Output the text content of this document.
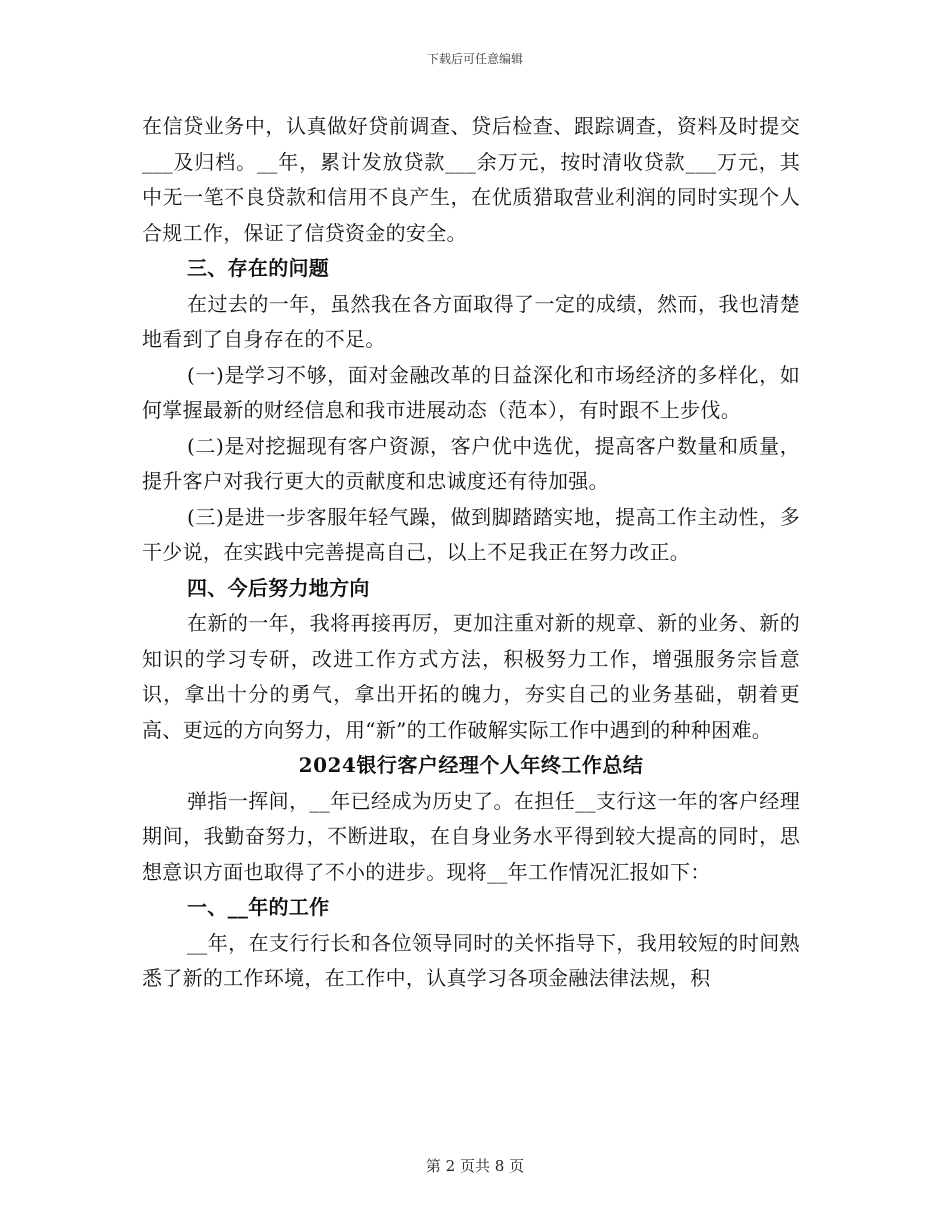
下载后可任意编辑

在信贷业务中，认真做好贷前调查、贷后检查、跟踪调查，资料及时提交___及归档。__年，累计发放贷款___余万元，按时清收贷款___万元，其中无一笔不良贷款和信用不良产生，在优质猎取营业利润的同时实现个人合规工作，保证了信贷资金的安全。

三、存在的问题

在过去的一年，虽然我在各方面取得了一定的成绩，然而，我也清楚地看到了自身存在的不足。

(一)是学习不够，面对金融改革的日益深化和市场经济的多样化，如何掌握最新的财经信息和我市进展动态（范本），有时跟不上步伐。

(二)是对挖掘现有客户资源，客户优中选优，提高客户数量和质量，提升客户对我行更大的贡献度和忠诚度还有待加强。

(三)是进一步客服年轻气躁，做到脚踏踏实地，提高工作主动性，多干少说，在实践中完善提高自己，以上不足我正在努力改正。

四、今后努力地方向

在新的一年，我将再接再厉，更加注重对新的规章、新的业务、新的知识的学习专研，改进工作方式方法，积极努力工作，增强服务宗旨意识，拿出十分的勇气，拿出开拓的魄力，夯实自己的业务基础，朝着更高、更远的方向努力，用“新”的工作破解实际工作中遇到的种种困难。

2024银行客户经理个人年终工作总结

弹指一挥间，__年已经成为历史了。在担任__支行这一年的客户经理期间，我勤奋努力，不断进取，在自身业务水平得到较大提高的同时，思想意识方面也取得了不小的进步。现将__年工作情况汇报如下：

一、__年的工作

__年，在支行行长和各位领导同时的关怀指导下，我用较短的时间熟悉了新的工作环境，在工作中，认真学习各项金融法律法规，积

第 2 页共 8 页
